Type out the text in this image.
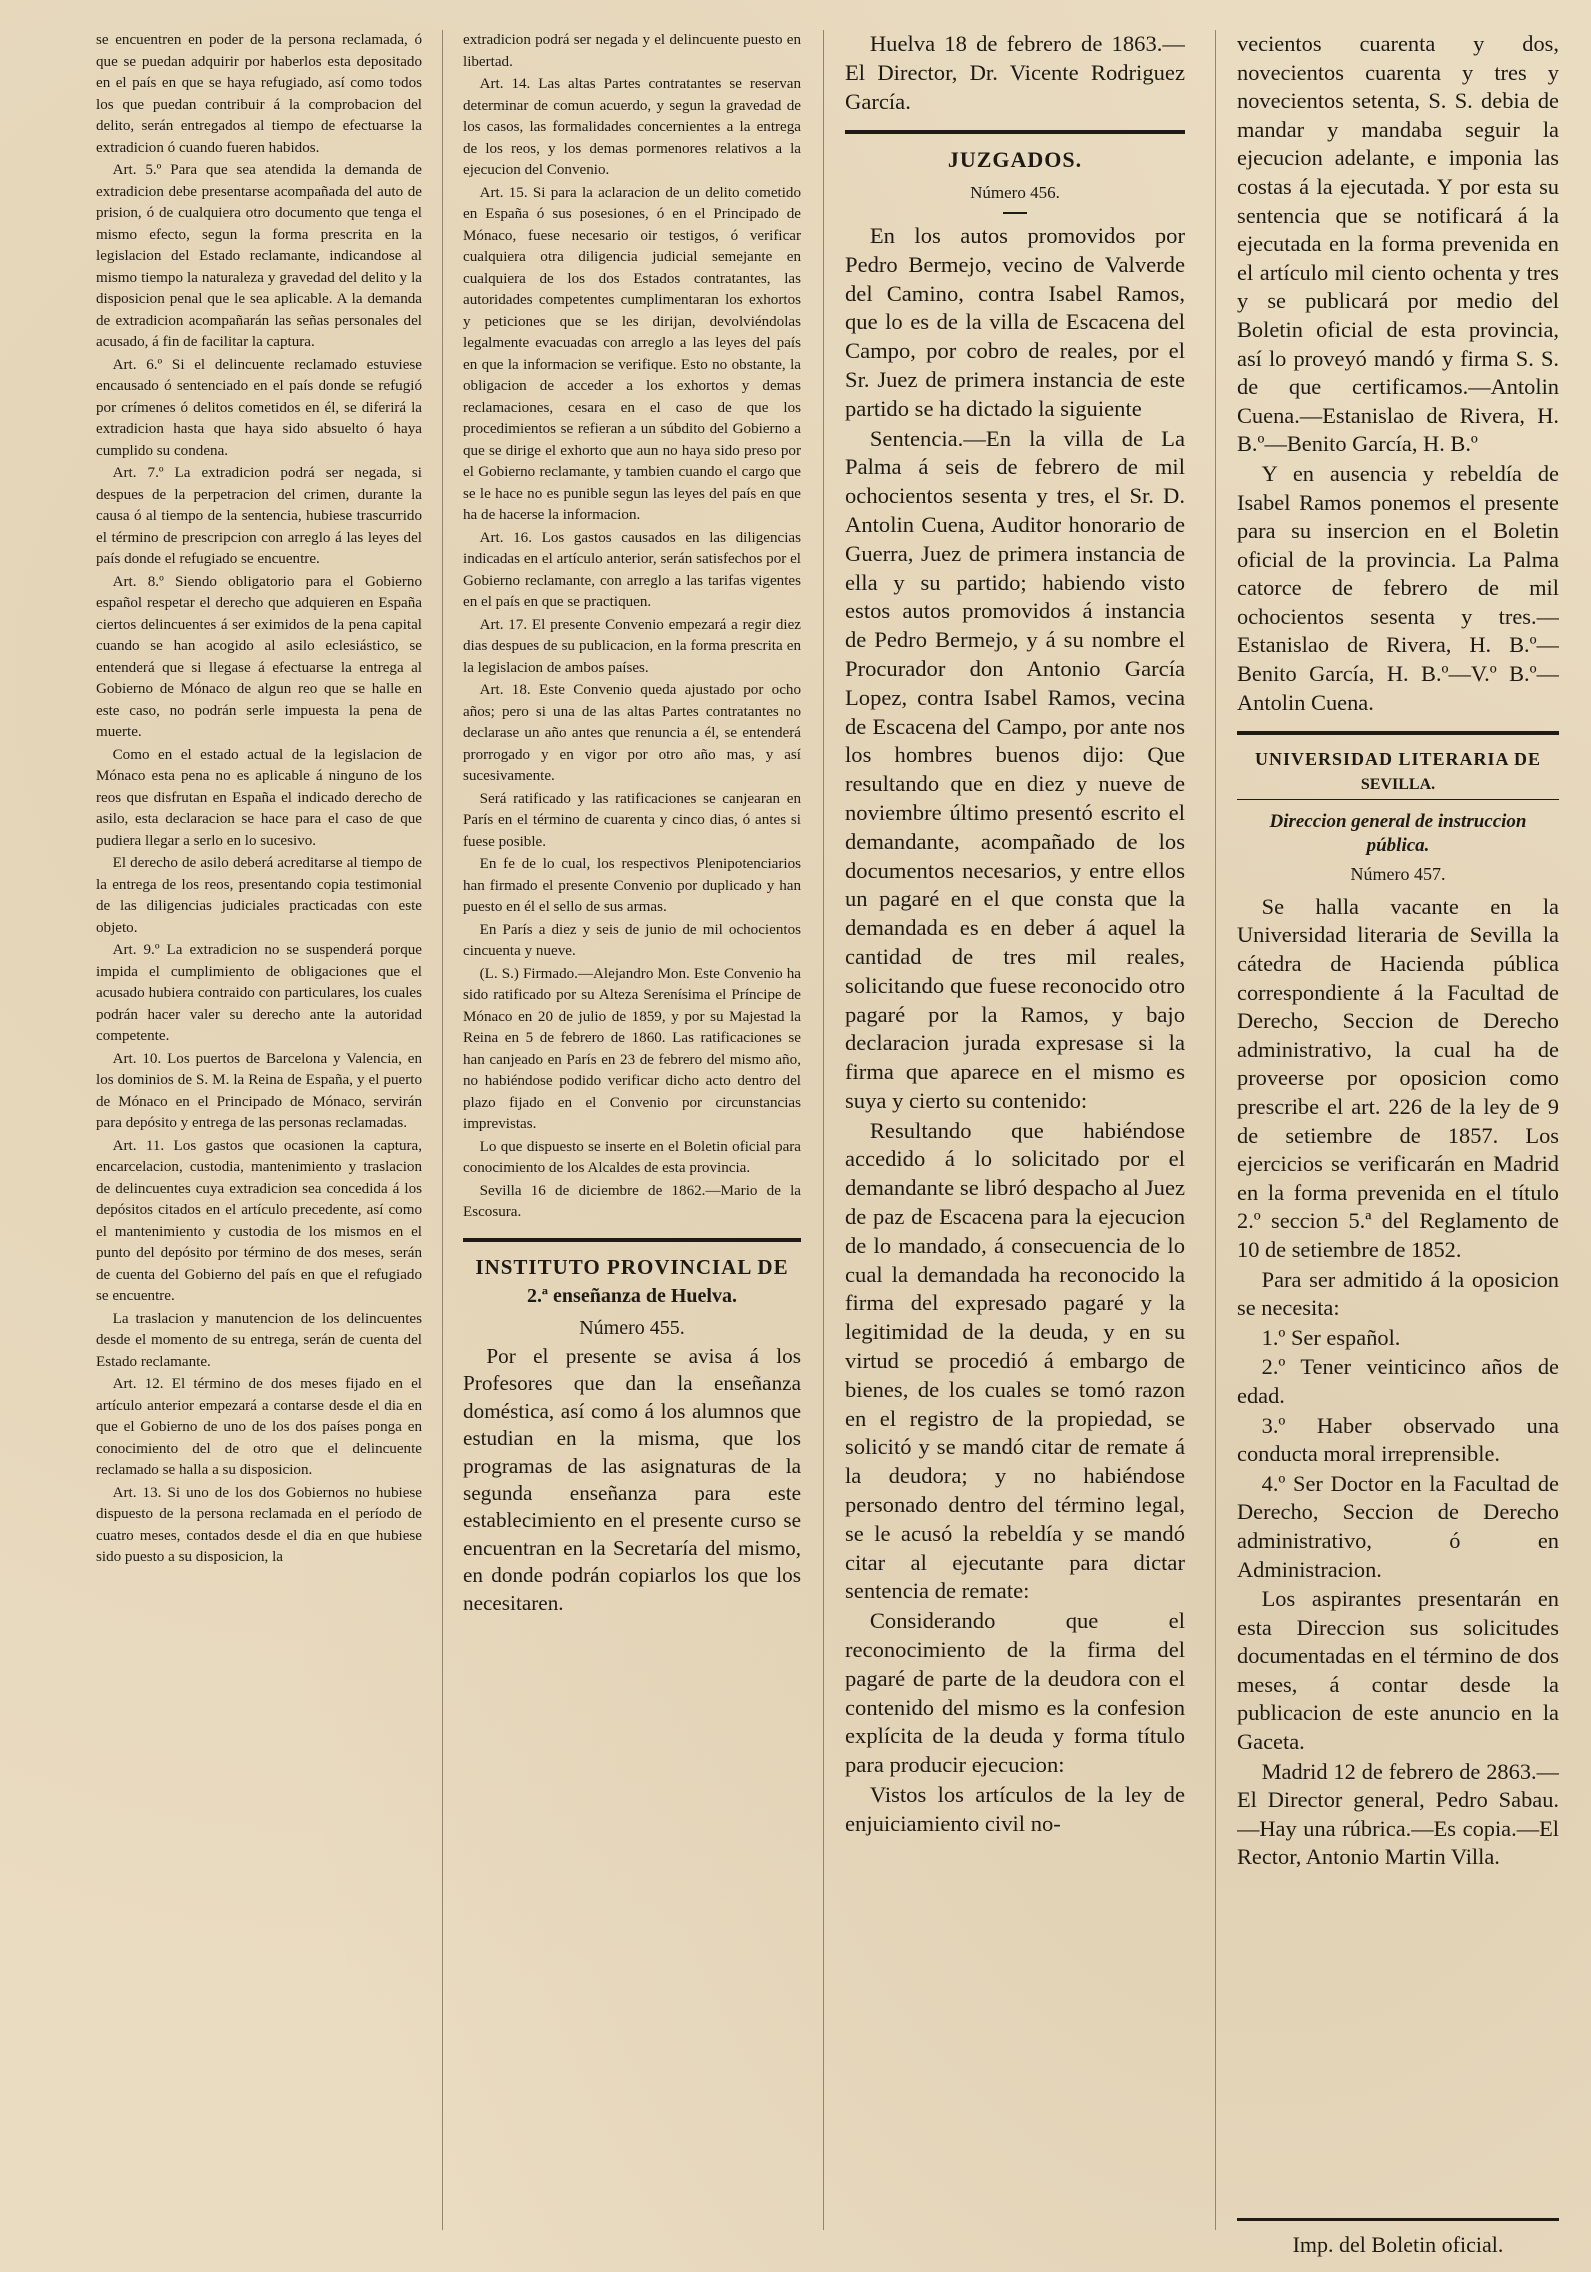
se encuentren en poder de la persona reclamada, ó que se puedan adquirir por haberlos esta depositado en el país en que se haya refugiado, así como todos los que puedan contribuir á la comprobacion del delito, serán entregados al tiempo de efectuarse la extradicion ó cuando fueren habidos.

Art. 5.º Para que sea atendida la demanda de extradicion debe presentarse acompañada del auto de prision, ó de cualquiera otro documento que tenga el mismo efecto, segun la forma prescrita en la legislacion del Estado reclamante, indicandose al mismo tiempo la naturaleza y gravedad del delito y la disposicion penal que le sea aplicable. A la demanda de extradicion acompañarán las señas personales del acusado, á fin de facilitar la captura.

Art. 6.º Si el delincuente reclamado estuviese encausado ó sentenciado en el país donde se refugió por crímenes ó delitos cometidos en él, se diferirá la extradicion hasta que haya sido absuelto ó haya cumplido su condena.

Art. 7.º La extradicion podrá ser negada, si despues de la perpetracion del crimen, durante la causa ó al tiempo de la sentencia, hubiese trascurrido el término de prescripcion con arreglo á las leyes del país donde el refugiado se encuentre.

Art. 8.º Siendo obligatorio para el Gobierno español respetar el derecho que adquieren en España ciertos delincuentes á ser eximidos de la pena capital cuando se han acogido al asilo eclesiástico, se entenderá que si llegase á efectuarse la entrega al Gobierno de Mónaco de algun reo que se halle en este caso, no podrán serle impuesta la pena de muerte.

Como en el estado actual de la legislacion de Mónaco esta pena no es aplicable á ninguno de los reos que disfrutan en España el indicado derecho de asilo, esta declaracion se hace para el caso de que pudiera llegar a serlo en lo sucesivo.

El derecho de asilo deberá acreditarse al tiempo de la entrega de los reos, presentando copia testimonial de las diligencias judiciales practicadas con este objeto.

Art. 9.º La extradicion no se suspenderá porque impida el cumplimiento de obligaciones que el acusado hubiera contraido con particulares, los cuales podrán hacer valer su derecho ante la autoridad competente.

Art. 10. Los puertos de Barcelona y Valencia, en los dominios de S. M. la Reina de España, y el puerto de Mónaco en el Principado de Mónaco, servirán para depósito y entrega de las personas reclamadas.

Art. 11. Los gastos que ocasionen la captura, encarcelacion, custodia, mantenimiento y traslacion de delincuentes cuya extradicion sea concedida á los depósitos citados en el artículo precedente, así como el mantenimiento y custodia de los mismos en el punto del depósito por término de dos meses, serán de cuenta del Gobierno del país en que el refugiado se encuentre.

La traslacion y manutencion de los delincuentes desde el momento de su entrega, serán de cuenta del Estado reclamante.

Art. 12. El término de dos meses fijado en el artículo anterior empezará a contarse desde el dia en que el Gobierno de uno de los dos países ponga en conocimiento del de otro que el delincuente reclamado se halla a su disposicion.

Art. 13. Si uno de los dos Gobiernos no hubiese dispuesto de la persona reclamada en el período de cuatro meses, contados desde el dia en que hubiese sido puesto a su disposicion, la

extradicion podrá ser negada y el delincuente puesto en libertad.

Art. 14. Las altas Partes contratantes se reservan determinar de comun acuerdo, y segun la gravedad de los casos, las formalidades concernientes a la entrega de los reos, y los demas pormenores relativos a la ejecucion del Convenio.

Art. 15. Si para la aclaracion de un delito cometido en España ó sus posesiones, ó en el Principado de Mónaco, fuese necesario oir testigos, ó verificar cualquiera otra diligencia judicial semejante en cualquiera de los dos Estados contratantes, las autoridades competentes cumplimentaran los exhortos y peticiones que se les dirijan, devolviéndolas legalmente evacuadas con arreglo a las leyes del país en que la informacion se verifique. Esto no obstante, la obligacion de acceder a los exhortos y demas reclamaciones, cesara en el caso de que los procedimientos se refieran a un súbdito del Gobierno a que se dirige el exhorto que aun no haya sido preso por el Gobierno reclamante, y tambien cuando el cargo que se le hace no es punible segun las leyes del país en que ha de hacerse la informacion.

Art. 16. Los gastos causados en las diligencias indicadas en el artículo anterior, serán satisfechos por el Gobierno reclamante, con arreglo a las tarifas vigentes en el país en que se practiquen.

Art. 17. El presente Convenio empezará a regir diez dias despues de su publicacion, en la forma prescrita en la legislacion de ambos países.

Art. 18. Este Convenio queda ajustado por ocho años; pero si una de las altas Partes contratantes no declarase un año antes que renuncia a él, se entenderá prorrogado y en vigor por otro año mas, y así sucesivamente.

Será ratificado y las ratificaciones se canjearan en París en el término de cuarenta y cinco dias, ó antes si fuese posible.

En fe de lo cual, los respectivos Plenipotenciarios han firmado el presente Convenio por duplicado y han puesto en él el sello de sus armas.

En París a diez y seis de junio de mil ochocientos cincuenta y nueve.

(L. S.) Firmado.—Alejandro Mon. Este Convenio ha sido ratificado por su Alteza Serenísima el Príncipe de Mónaco en 20 de julio de 1859, y por su Majestad la Reina en 5 de febrero de 1860. Las ratificaciones se han canjeado en París en 23 de febrero del mismo año, no habiéndose podido verificar dicho acto dentro del plazo fijado en el Convenio por circunstancias imprevistas.

Lo que dispuesto se inserte en el Boletin oficial para conocimiento de los Alcaldes de esta provincia.

Sevilla 16 de diciembre de 1862.—Mario de la Escosura.

INSTITUTO PROVINCIAL DE
2.ª enseñanza de Huelva.
Número 455.

Por el presente se avisa á los Profesores que dan la enseñanza doméstica, así como á los alumnos que estudian en la misma, que los programas de las asignaturas de la segunda enseñanza para este establecimiento en el presente curso se encuentran en la Secretaría del mismo, en donde podrán copiarlos los que los necesitaren.

Huelva 18 de febrero de 1863.—El Director, Dr. Vicente Rodriguez García.

JUZGADOS.
Número 456.

En los autos promovidos por Pedro Bermejo, vecino de Valverde del Camino, contra Isabel Ramos, que lo es de la villa de Escacena del Campo, por cobro de reales, por el Sr. Juez de primera instancia de este partido se ha dictado la siguiente

Sentencia.—En la villa de La Palma á seis de febrero de mil ochocientos sesenta y tres, el Sr. D. Antolin Cuena, Auditor honorario de Guerra, Juez de primera instancia de ella y su partido; habiendo visto estos autos promovidos á instancia de Pedro Bermejo, y á su nombre el Procurador don Antonio García Lopez, contra Isabel Ramos, vecina de Escacena del Campo, por ante nos los hombres buenos dijo: Que resultando que en diez y nueve de noviembre último presentó escrito el demandante, acompañado de los documentos necesarios, y entre ellos un pagaré en el que consta que la demandada es en deber á aquel la cantidad de tres mil reales, solicitando que fuese reconocido otro pagaré por la Ramos, y bajo declaracion jurada expresase si la firma que aparece en el mismo es suya y cierto su contenido:

Resultando que habiéndose accedido á lo solicitado por el demandante se libró despacho al Juez de paz de Escacena para la ejecucion de lo mandado, á consecuencia de lo cual la demandada ha reconocido la firma del expresado pagaré y la legitimidad de la deuda, y en su virtud se procedió á embargo de bienes, de los cuales se tomó razon en el registro de la propiedad, se solicitó y se mandó citar de remate á la deudora; y no habiéndose personado dentro del término legal, se le acusó la rebeldía y se mandó citar al ejecutante para dictar sentencia de remate:

Considerando que el reconocimiento de la firma del pagaré de parte de la deudora con el contenido del mismo es la confesion explícita de la deuda y forma título para producir ejecucion:

Vistos los artículos de la ley de enjuiciamiento civil no-

vecientos cuarenta y dos, novecientos cuarenta y tres y novecientos setenta, S. S. debia de mandar y mandaba seguir la ejecucion adelante, e imponia las costas á la ejecutada. Y por esta su sentencia que se notificará á la ejecutada en la forma prevenida en el artículo mil ciento ochenta y tres y se publicará por medio del Boletin oficial de esta provincia, así lo proveyó mandó y firma S. S. de que certificamos.—Antolin Cuena.—Estanislao de Rivera, H. B.º—Benito García, H. B.º

Y en ausencia y rebeldía de Isabel Ramos ponemos el presente para su insercion en el Boletin oficial de la provincia. La Palma catorce de febrero de mil ochocientos sesenta y tres.—Estanislao de Rivera, H. B.º—Benito García, H. B.º—V.º B.º—Antolin Cuena.

UNIVERSIDAD LITERARIA DE
SEVILLA.
Direccion general de instruccion pública.
Número 457.

Se halla vacante en la Universidad literaria de Sevilla la cátedra de Hacienda pública correspondiente á la Facultad de Derecho, Seccion de Derecho administrativo, la cual ha de proveerse por oposicion como prescribe el art. 226 de la ley de 9 de setiembre de 1857. Los ejercicios se verificarán en Madrid en la forma prevenida en el título 2.º seccion 5.ª del Reglamento de 10 de setiembre de 1852.

Para ser admitido á la oposicion se necesita:

1.º Ser español.

2.º Tener veinticinco años de edad.

3.º Haber observado una conducta moral irreprensible.

4.º Ser Doctor en la Facultad de Derecho, Seccion de Derecho administrativo, ó en Administracion.

Los aspirantes presentarán en esta Direccion sus solicitudes documentadas en el término de dos meses, á contar desde la publicacion de este anuncio en la Gaceta.

Madrid 12 de febrero de 2863.—El Director general, Pedro Sabau.—Hay una rúbrica.—Es copia.—El Rector, Antonio Martin Villa.

Imp. del Boletin oficial.
